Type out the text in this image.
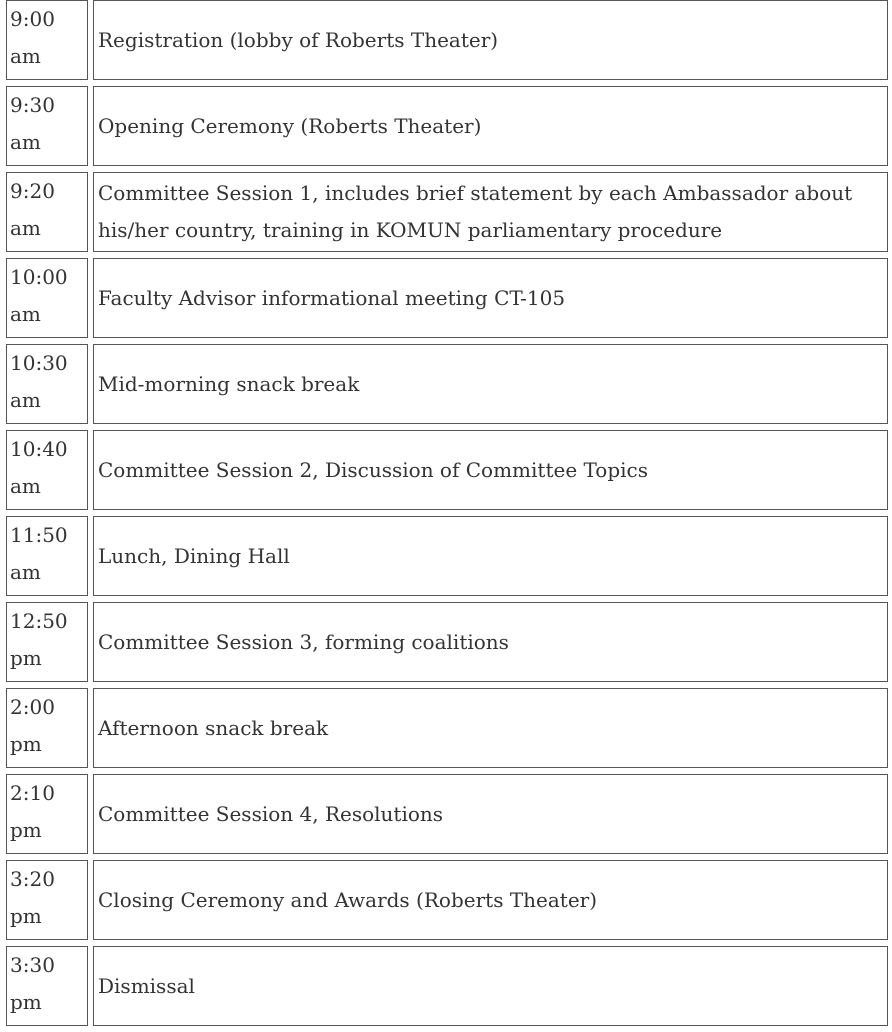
9:00
am	Registration (lobby of Roberts Theater)

9:30
am	Opening Ceremony (Roberts Theater)

9:20
am	Committee Session 1, includes brief statement by each Ambassador about his/her country, training in KOMUN parliamentary procedure

10:00
am	Faculty Advisor informational meeting CT-105

10:30
am	Mid-morning snack break

10:40
am	Committee Session 2, Discussion of Committee Topics

11:50
am	Lunch, Dining Hall

12:50
pm	Committee Session 3, forming coalitions

2:00
pm	Afternoon snack break

2:10
pm	Committee Session 4, Resolutions

3:20
pm	Closing Ceremony and Awards (Roberts Theater)

3:30
pm	Dismissal
